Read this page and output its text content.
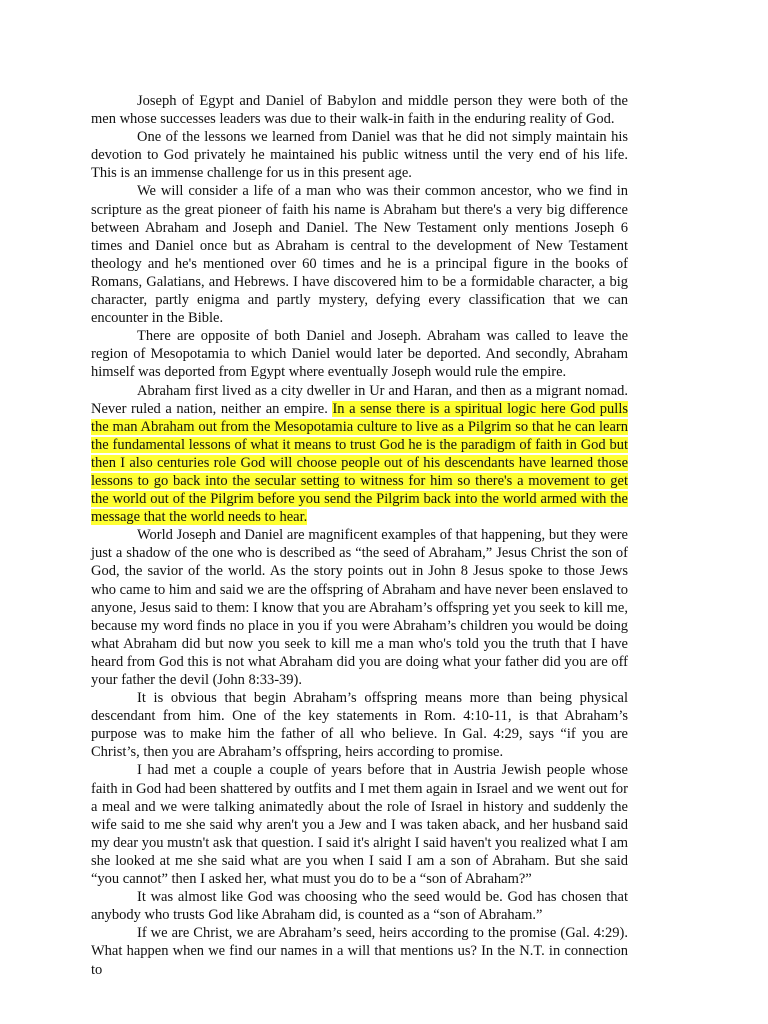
Joseph of Egypt and Daniel of Babylon and middle person they were both of the men whose successes leaders was due to their walk-in faith in the enduring reality of God.

One of the lessons we learned from Daniel was that he did not simply maintain his devotion to God privately he maintained his public witness until the very end of his life. This is an immense challenge for us in this present age.

We will consider a life of a man who was their common ancestor, who we find in scripture as the great pioneer of faith his name is Abraham but there's a very big difference between Abraham and Joseph and Daniel. The New Testament only mentions Joseph 6 times and Daniel once but as Abraham is central to the development of New Testament theology and he's mentioned over 60 times and he is a principal figure in the books of Romans, Galatians, and Hebrews. I have discovered him to be a formidable character, a big character, partly enigma and partly mystery, defying every classification that we can encounter in the Bible.

There are opposite of both Daniel and Joseph. Abraham was called to leave the region of Mesopotamia to which Daniel would later be deported. And secondly, Abraham himself was deported from Egypt where eventually Joseph would rule the empire.

Abraham first lived as a city dweller in Ur and Haran, and then as a migrant nomad. Never ruled a nation, neither an empire. In a sense there is a spiritual logic here God pulls the man Abraham out from the Mesopotamia culture to live as a Pilgrim so that he can learn the fundamental lessons of what it means to trust God he is the paradigm of faith in God but then I also centuries role God will choose people out of his descendants have learned those lessons to go back into the secular setting to witness for him so there's a movement to get the world out of the Pilgrim before you send the Pilgrim back into the world armed with the message that the world needs to hear.

World Joseph and Daniel are magnificent examples of that happening, but they were just a shadow of the one who is described as “the seed of Abraham,” Jesus Christ the son of God, the savior of the world. As the story points out in John 8 Jesus spoke to those Jews who came to him and said we are the offspring of Abraham and have never been enslaved to anyone, Jesus said to them: I know that you are Abraham’s offspring yet you seek to kill me, because my word finds no place in you if you were Abraham’s children you would be doing what Abraham did but now you seek to kill me a man who's told you the truth that I have heard from God this is not what Abraham did you are doing what your father did you are off your father the devil (John 8:33-39).

It is obvious that begin Abraham’s offspring means more than being physical descendant from him. One of the key statements in Rom. 4:10-11, is that Abraham’s purpose was to make him the father of all who believe. In Gal. 4:29, says “if you are Christ’s, then you are Abraham’s offspring, heirs according to promise.

I had met a couple a couple of years before that in Austria Jewish people whose faith in God had been shattered by outfits and I met them again in Israel and we went out for a meal and we were talking animatedly about the role of Israel in history and suddenly the wife said to me she said why aren't you a Jew and I was taken aback, and her husband said my dear you mustn't ask that question. I said it's alright I said haven't you realized what I am she looked at me she said what are you when I said I am a son of Abraham. But she said “you cannot” then I asked her, what must you do to be a “son of Abraham?”

It was almost like God was choosing who the seed would be. God has chosen that anybody who trusts God like Abraham did, is counted as a “son of Abraham.”

If we are Christ, we are Abraham’s seed, heirs according to the promise (Gal. 4:29). What happen when we find our names in a will that mentions us? In the N.T. in connection to
